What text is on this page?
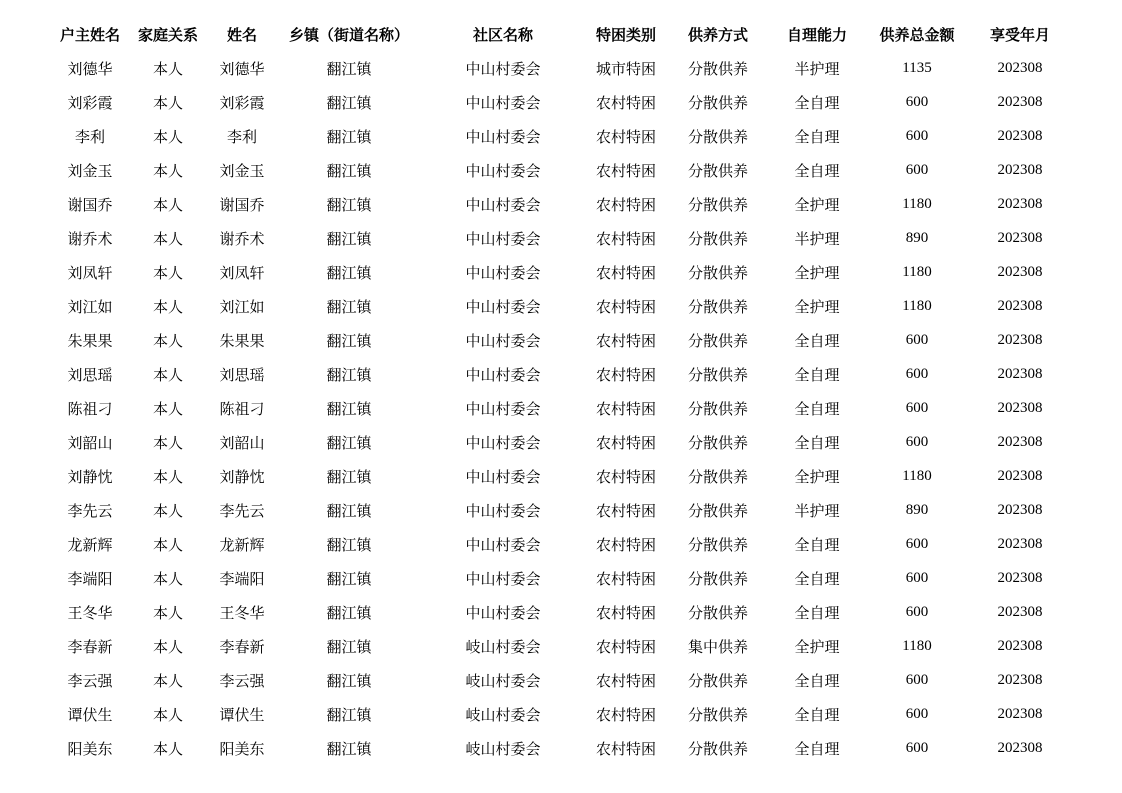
户主姓名	家庭关系	姓名	乡镇（街道名称）	社区名称	特困类别	供养方式	自理能力	供养总金额	享受年月
刘德华	本人	刘德华	翻江镇	中山村委会	城市特困	分散供养	半护理	1135	202308
刘彩霞	本人	刘彩霞	翻江镇	中山村委会	农村特困	分散供养	全自理	600	202308
李利	本人	李利	翻江镇	中山村委会	农村特困	分散供养	全自理	600	202308
刘金玉	本人	刘金玉	翻江镇	中山村委会	农村特困	分散供养	全自理	600	202308
谢国乔	本人	谢国乔	翻江镇	中山村委会	农村特困	分散供养	全护理	1180	202308
谢乔术	本人	谢乔术	翻江镇	中山村委会	农村特困	分散供养	半护理	890	202308
刘凤轩	本人	刘凤轩	翻江镇	中山村委会	农村特困	分散供养	全护理	1180	202308
刘江如	本人	刘江如	翻江镇	中山村委会	农村特困	分散供养	全护理	1180	202308
朱果果	本人	朱果果	翻江镇	中山村委会	农村特困	分散供养	全自理	600	202308
刘思瑶	本人	刘思瑶	翻江镇	中山村委会	农村特困	分散供养	全自理	600	202308
陈祖刁	本人	陈祖刁	翻江镇	中山村委会	农村特困	分散供养	全自理	600	202308
刘韶山	本人	刘韶山	翻江镇	中山村委会	农村特困	分散供养	全自理	600	202308
刘静忱	本人	刘静忱	翻江镇	中山村委会	农村特困	分散供养	全护理	1180	202308
李先云	本人	李先云	翻江镇	中山村委会	农村特困	分散供养	半护理	890	202308
龙新辉	本人	龙新辉	翻江镇	中山村委会	农村特困	分散供养	全自理	600	202308
李端阳	本人	李端阳	翻江镇	中山村委会	农村特困	分散供养	全自理	600	202308
王冬华	本人	王冬华	翻江镇	中山村委会	农村特困	分散供养	全自理	600	202308
李春新	本人	李春新	翻江镇	岐山村委会	农村特困	集中供养	全护理	1180	202308
李云强	本人	李云强	翻江镇	岐山村委会	农村特困	分散供养	全自理	600	202308
谭伏生	本人	谭伏生	翻江镇	岐山村委会	农村特困	分散供养	全自理	600	202308
阳美东	本人	阳美东	翻江镇	岐山村委会	农村特困	分散供养	全自理	600	202308
